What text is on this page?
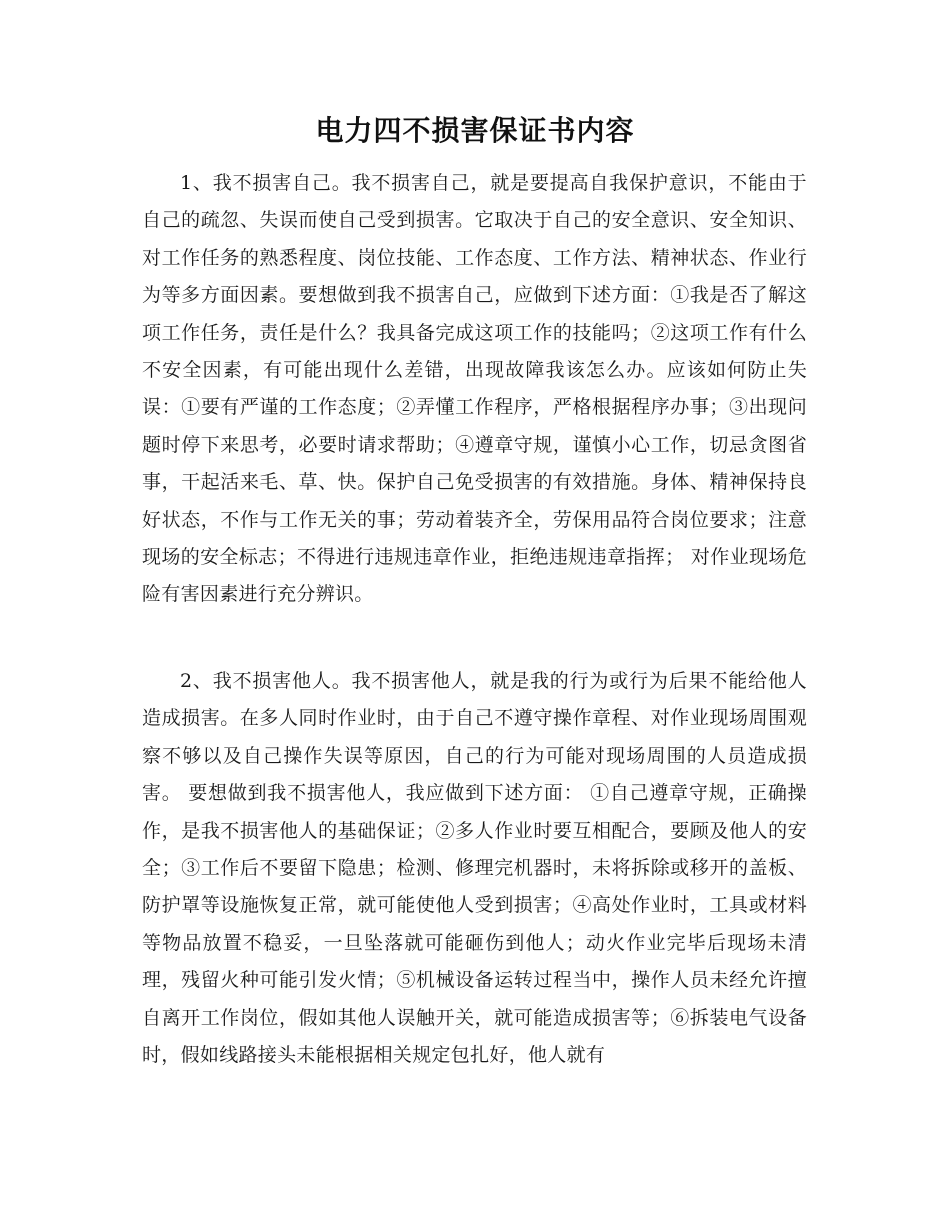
电力四不损害保证书内容

1、我不损害自己。我不损害自己，就是要提高自我保护意识，不能由于自己的疏忽、失误而使自己受到损害。它取决于自己的安全意识、安全知识、对工作任务的熟悉程度、岗位技能、工作态度、工作方法、精神状态、作业行为等多方面因素。要想做到我不损害自己，应做到下述方面：①我是否了解这项工作任务，责任是什么？我具备完成这项工作的技能吗；②这项工作有什么不安全因素，有可能出现什么差错，出现故障我该怎么办。应该如何防止失误：①要有严谨的工作态度；②弄懂工作程序，严格根据程序办事；③出现问题时停下来思考，必要时请求帮助；④遵章守规，谨慎小心工作，切忌贪图省事，干起活来毛、草、快。保护自己免受损害的有效措施。身体、精神保持良好状态，不作与工作无关的事；劳动着装齐全，劳保用品符合岗位要求；注意现场的安全标志；不得进行违规违章作业，拒绝违规违章指挥； 对作业现场危险有害因素进行充分辨识。

2、我不损害他人。我不损害他人，就是我的行为或行为后果不能给他人造成损害。在多人同时作业时，由于自己不遵守操作章程、对作业现场周围观察不够以及自己操作失误等原因，自己的行为可能对现场周围的人员造成损害。 要想做到我不损害他人，我应做到下述方面： ①自己遵章守规，正确操作，是我不损害他人的基础保证；②多人作业时要互相配合，要顾及他人的安全；③工作后不要留下隐患；检测、修理完机器时，未将拆除或移开的盖板、防护罩等设施恢复正常，就可能使他人受到损害；④高处作业时，工具或材料等物品放置不稳妥，一旦坠落就可能砸伤到他人；动火作业完毕后现场未清理，残留火种可能引发火情；⑤机械设备运转过程当中，操作人员未经允许擅自离开工作岗位，假如其他人误触开关，就可能造成损害等；⑥拆装电气设备时，假如线路接头未能根据相关规定包扎好，他人就有
